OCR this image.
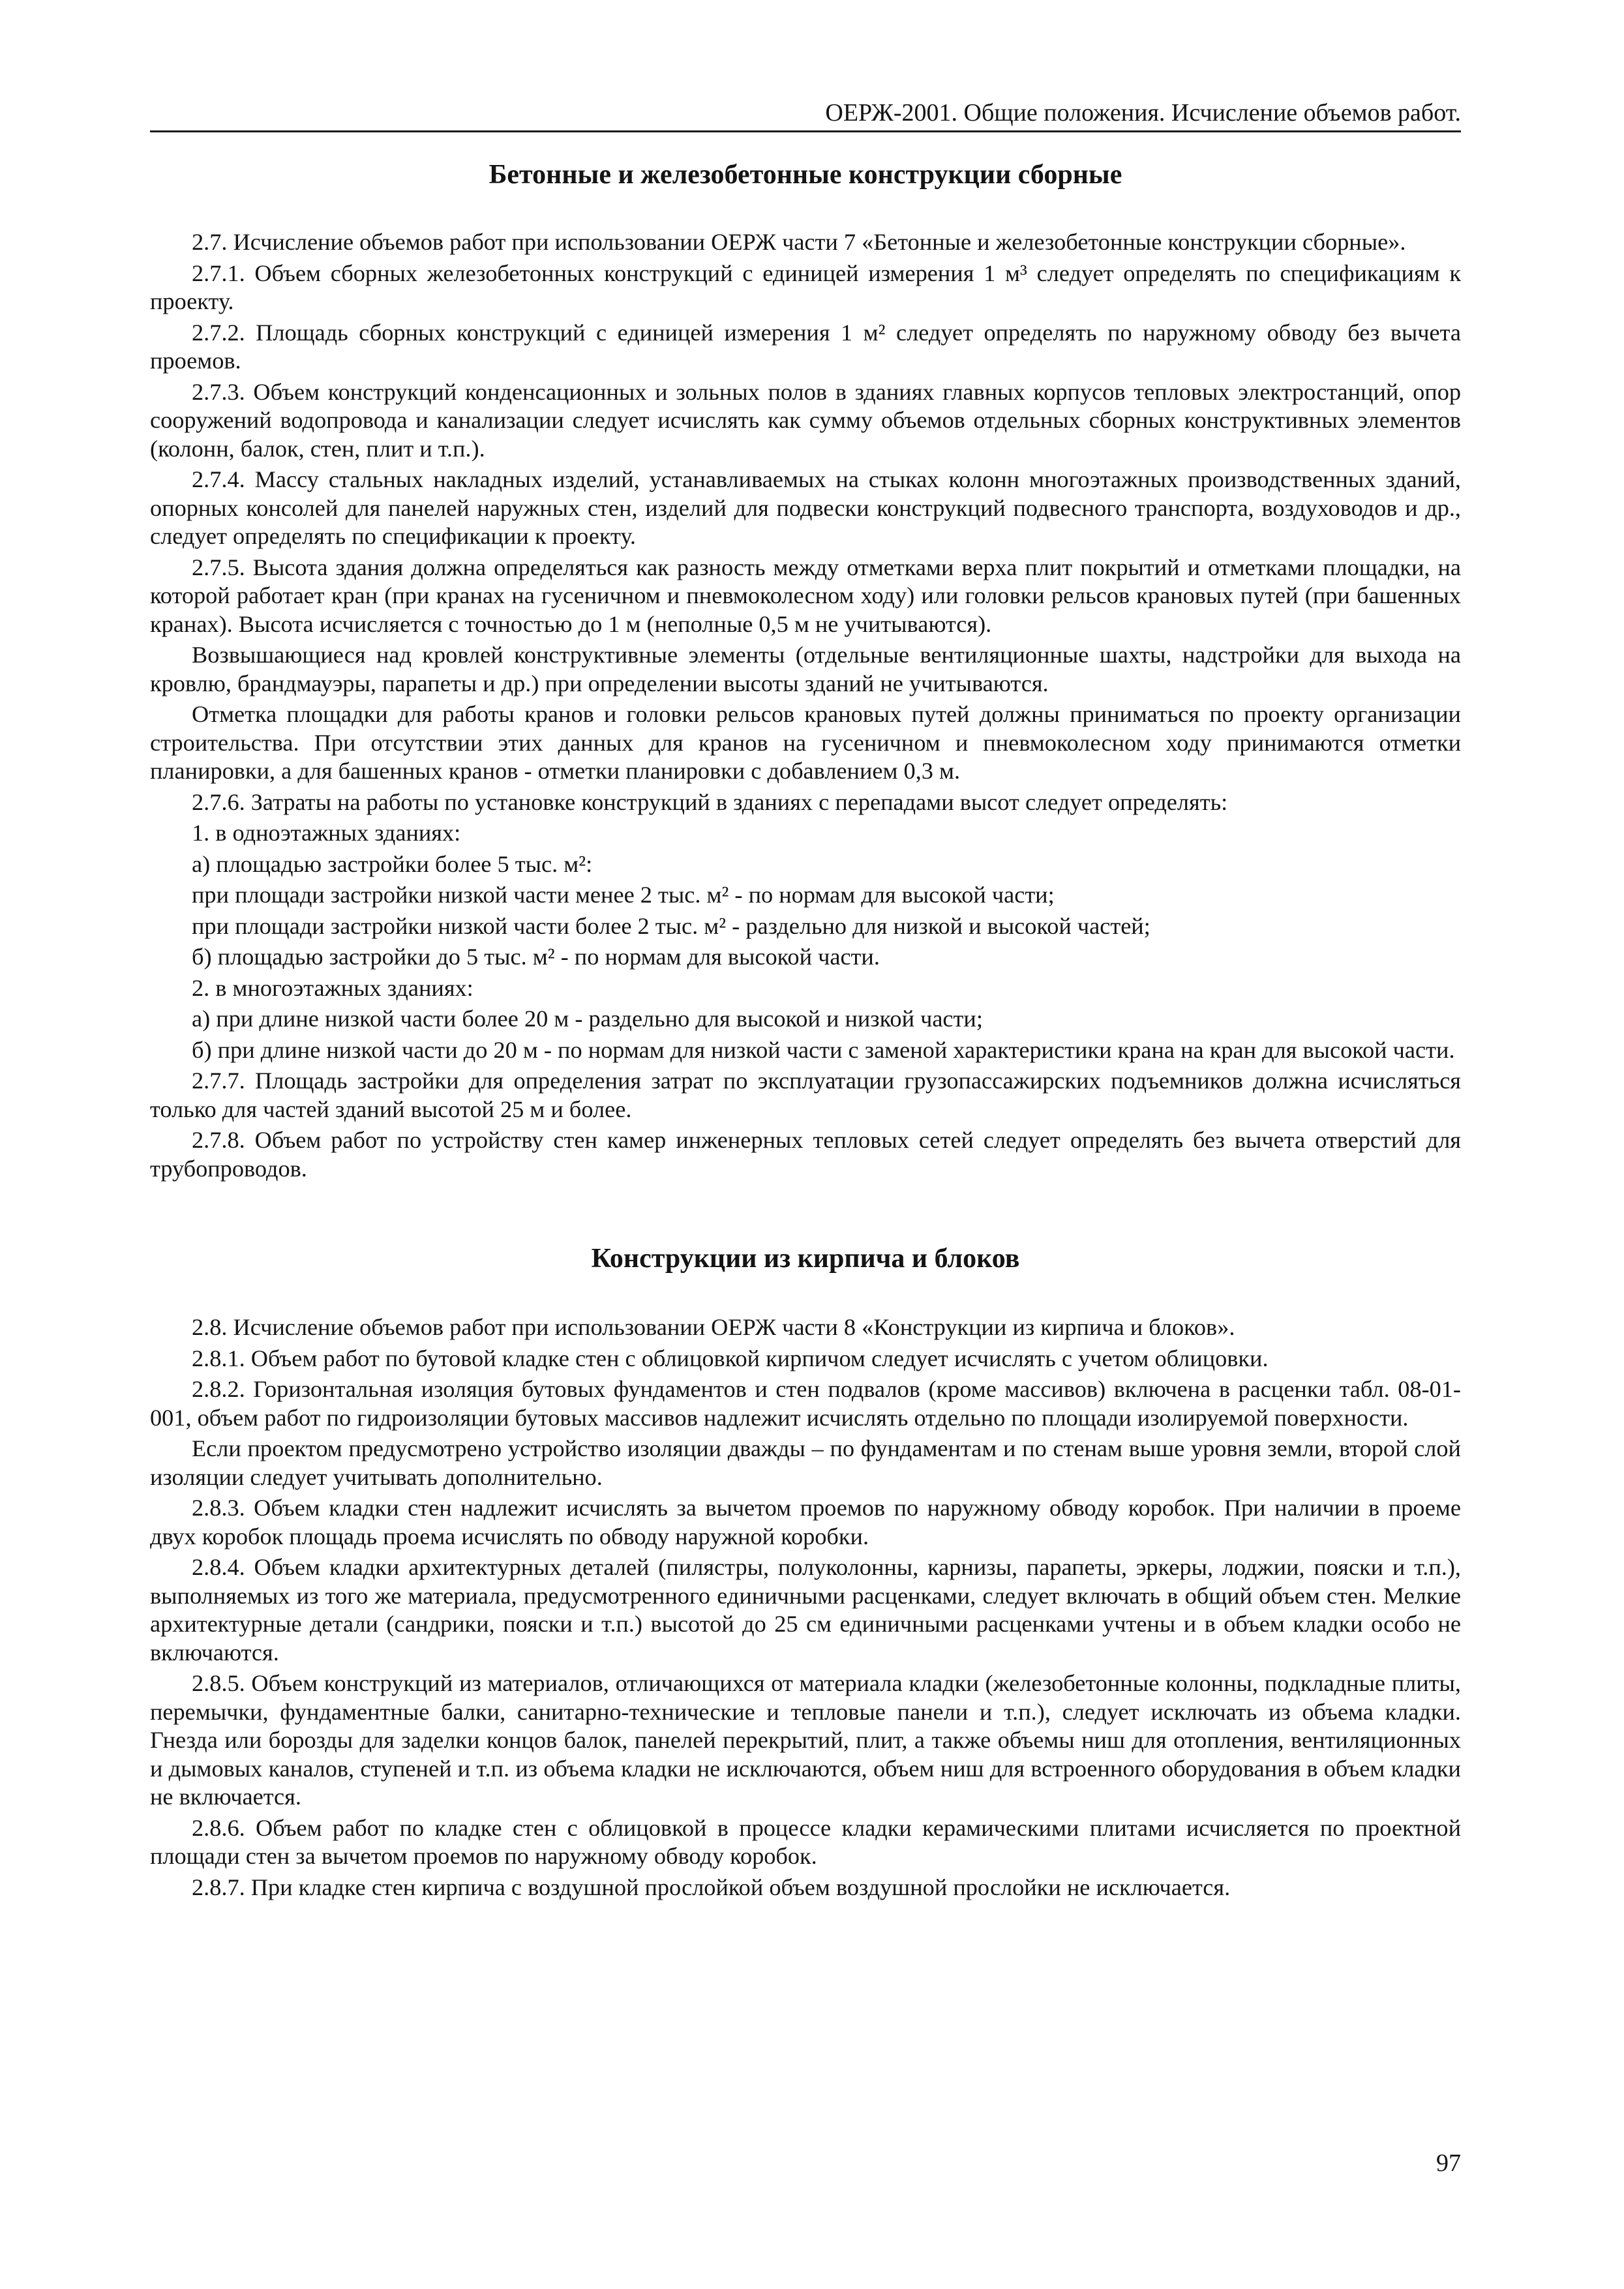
ОЕРЖ-2001. Общие положения. Исчисление объемов работ.
Бетонные и железобетонные конструкции сборные

2.7. Исчисление объемов работ при использовании ОЕРЖ части 7 «Бетонные и железобетонные конструкции сборные».

2.7.1. Объем сборных железобетонных конструкций с единицей измерения 1 м³ следует определять по спецификациям к проекту.

2.7.2. Площадь сборных конструкций с единицей измерения 1 м² следует определять по наружному обводу без вычета проемов.

2.7.3. Объем конструкций конденсационных и зольных полов в зданиях главных корпусов тепловых электростанций, опор сооружений водопровода и канализации следует исчислять как сумму объемов отдельных сборных конструктивных элементов (колонн, балок, стен, плит и т.п.).

2.7.4. Массу стальных накладных изделий, устанавливаемых на стыках колонн многоэтажных производственных зданий, опорных консолей для панелей наружных стен, изделий для подвески конструкций подвесного транспорта, воздуховодов и др., следует определять по спецификации к проекту.

2.7.5. Высота здания должна определяться как разность между отметками верха плит покрытий и отметками площадки, на которой работает кран (при кранах на гусеничном и пневмоколесном ходу) или головки рельсов крановых путей (при башенных кранах). Высота исчисляется с точностью до 1 м (неполные 0,5 м не учитываются).

Возвышающиеся над кровлей конструктивные элементы (отдельные вентиляционные шахты, надстройки для выхода на кровлю, брандмауэры, парапеты и др.) при определении высоты зданий не учитываются.

Отметка площадки для работы кранов и головки рельсов крановых путей должны приниматься по проекту организации строительства. При отсутствии этих данных для кранов на гусеничном и пневмоколесном ходу принимаются отметки планировки, а для башенных кранов - отметки планировки с добавлением 0,3 м.

2.7.6. Затраты на работы по установке конструкций в зданиях с перепадами высот следует определять:

1. в одноэтажных зданиях:

а) площадью застройки более 5 тыс. м²:

при площади застройки низкой части менее 2 тыс. м² - по нормам для высокой части;

при площади застройки низкой части более 2 тыс. м² - раздельно для низкой и высокой частей;

б) площадью застройки до 5 тыс. м² - по нормам для высокой части.

2. в многоэтажных зданиях:

а) при длине низкой части более 20 м - раздельно для высокой и низкой части;

б) при длине низкой части до 20 м - по нормам для низкой части с заменой характеристики крана на кран для высокой части.

2.7.7. Площадь застройки для определения затрат по эксплуатации грузопассажирских подъемников должна исчисляться только для частей зданий высотой 25 м и более.

2.7.8. Объем работ по устройству стен камер инженерных тепловых сетей следует определять без вычета отверстий для трубопроводов.

Конструкции из кирпича и блоков

2.8. Исчисление объемов работ при использовании ОЕРЖ части 8 «Конструкции из кирпича и блоков».

2.8.1. Объем работ по бутовой кладке стен с облицовкой кирпичом следует исчислять с учетом облицовки.

2.8.2. Горизонтальная изоляция бутовых фундаментов и стен подвалов (кроме массивов) включена в расценки табл. 08-01-001, объем работ по гидроизоляции бутовых массивов надлежит исчислять отдельно по площади изолируемой поверхности.

Если проектом предусмотрено устройство изоляции дважды – по фундаментам и по стенам выше уровня земли, второй слой изоляции следует учитывать дополнительно.

2.8.3. Объем кладки стен надлежит исчислять за вычетом проемов по наружному обводу коробок. При наличии в проеме двух коробок площадь проема исчислять по обводу наружной коробки.

2.8.4. Объем кладки архитектурных деталей (пилястры, полуколонны, карнизы, парапеты, эркеры, лоджии, пояски и т.п.), выполняемых из того же материала, предусмотренного единичными расценками, следует включать в общий объем стен. Мелкие архитектурные детали (сандрики, пояски и т.п.) высотой до 25 см единичными расценками учтены и в объем кладки особо не включаются.

2.8.5. Объем конструкций из материалов, отличающихся от материала кладки (железобетонные колонны, подкладные плиты, перемычки, фундаментные балки, санитарно-технические и тепловые панели и т.п.), следует исключать из объема кладки. Гнезда или борозды для заделки концов балок, панелей перекрытий, плит, а также объемы ниш для отопления, вентиляционных и дымовых каналов, ступеней и т.п. из объема кладки не исключаются, объем ниш для встроенного оборудования в объем кладки не включается.

2.8.6. Объем работ по кладке стен с облицовкой в процессе кладки керамическими плитами исчисляется по проектной площади стен за вычетом проемов по наружному обводу коробок.

2.8.7. При кладке стен кирпича с воздушной прослойкой объем воздушной прослойки не исключается.

97
